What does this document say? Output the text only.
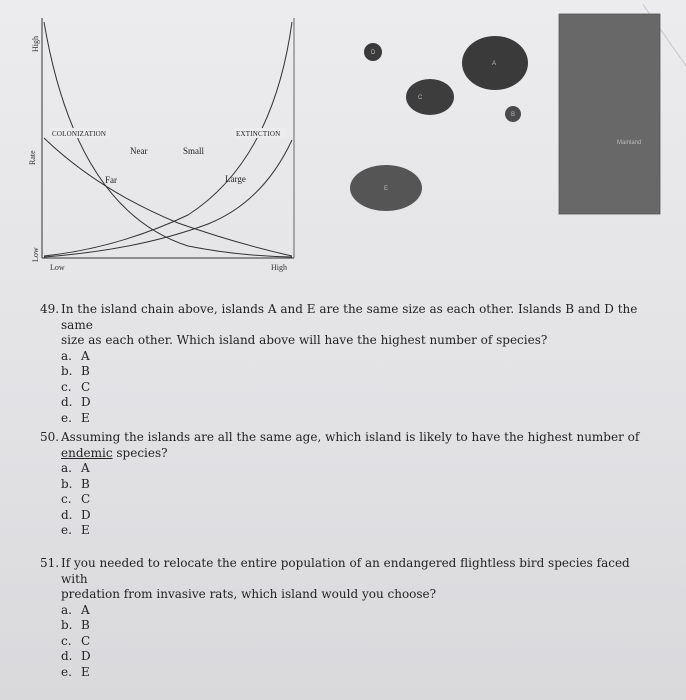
High
Rate
Low
Low	High
COLONIZATION	EXTINCTION
Near	Small
Far	Large
D
A
C
B
E
Mainland
49. In the island chain above, islands A and E are the same size as each other. Islands B and D the same
size as each other. Which island above will have the highest number of species?
a. A
b. B
c. C
d. D
e. E
50. Assuming the islands are all the same age, which island is likely to have the highest number of
endemic species?
a. A
b. B
c. C
d. D
e. E
51. If you needed to relocate the entire population of an endangered flightless bird species faced with
predation from invasive rats, which island would you choose?
a. A
b. B
c. C
d. D
e. E
